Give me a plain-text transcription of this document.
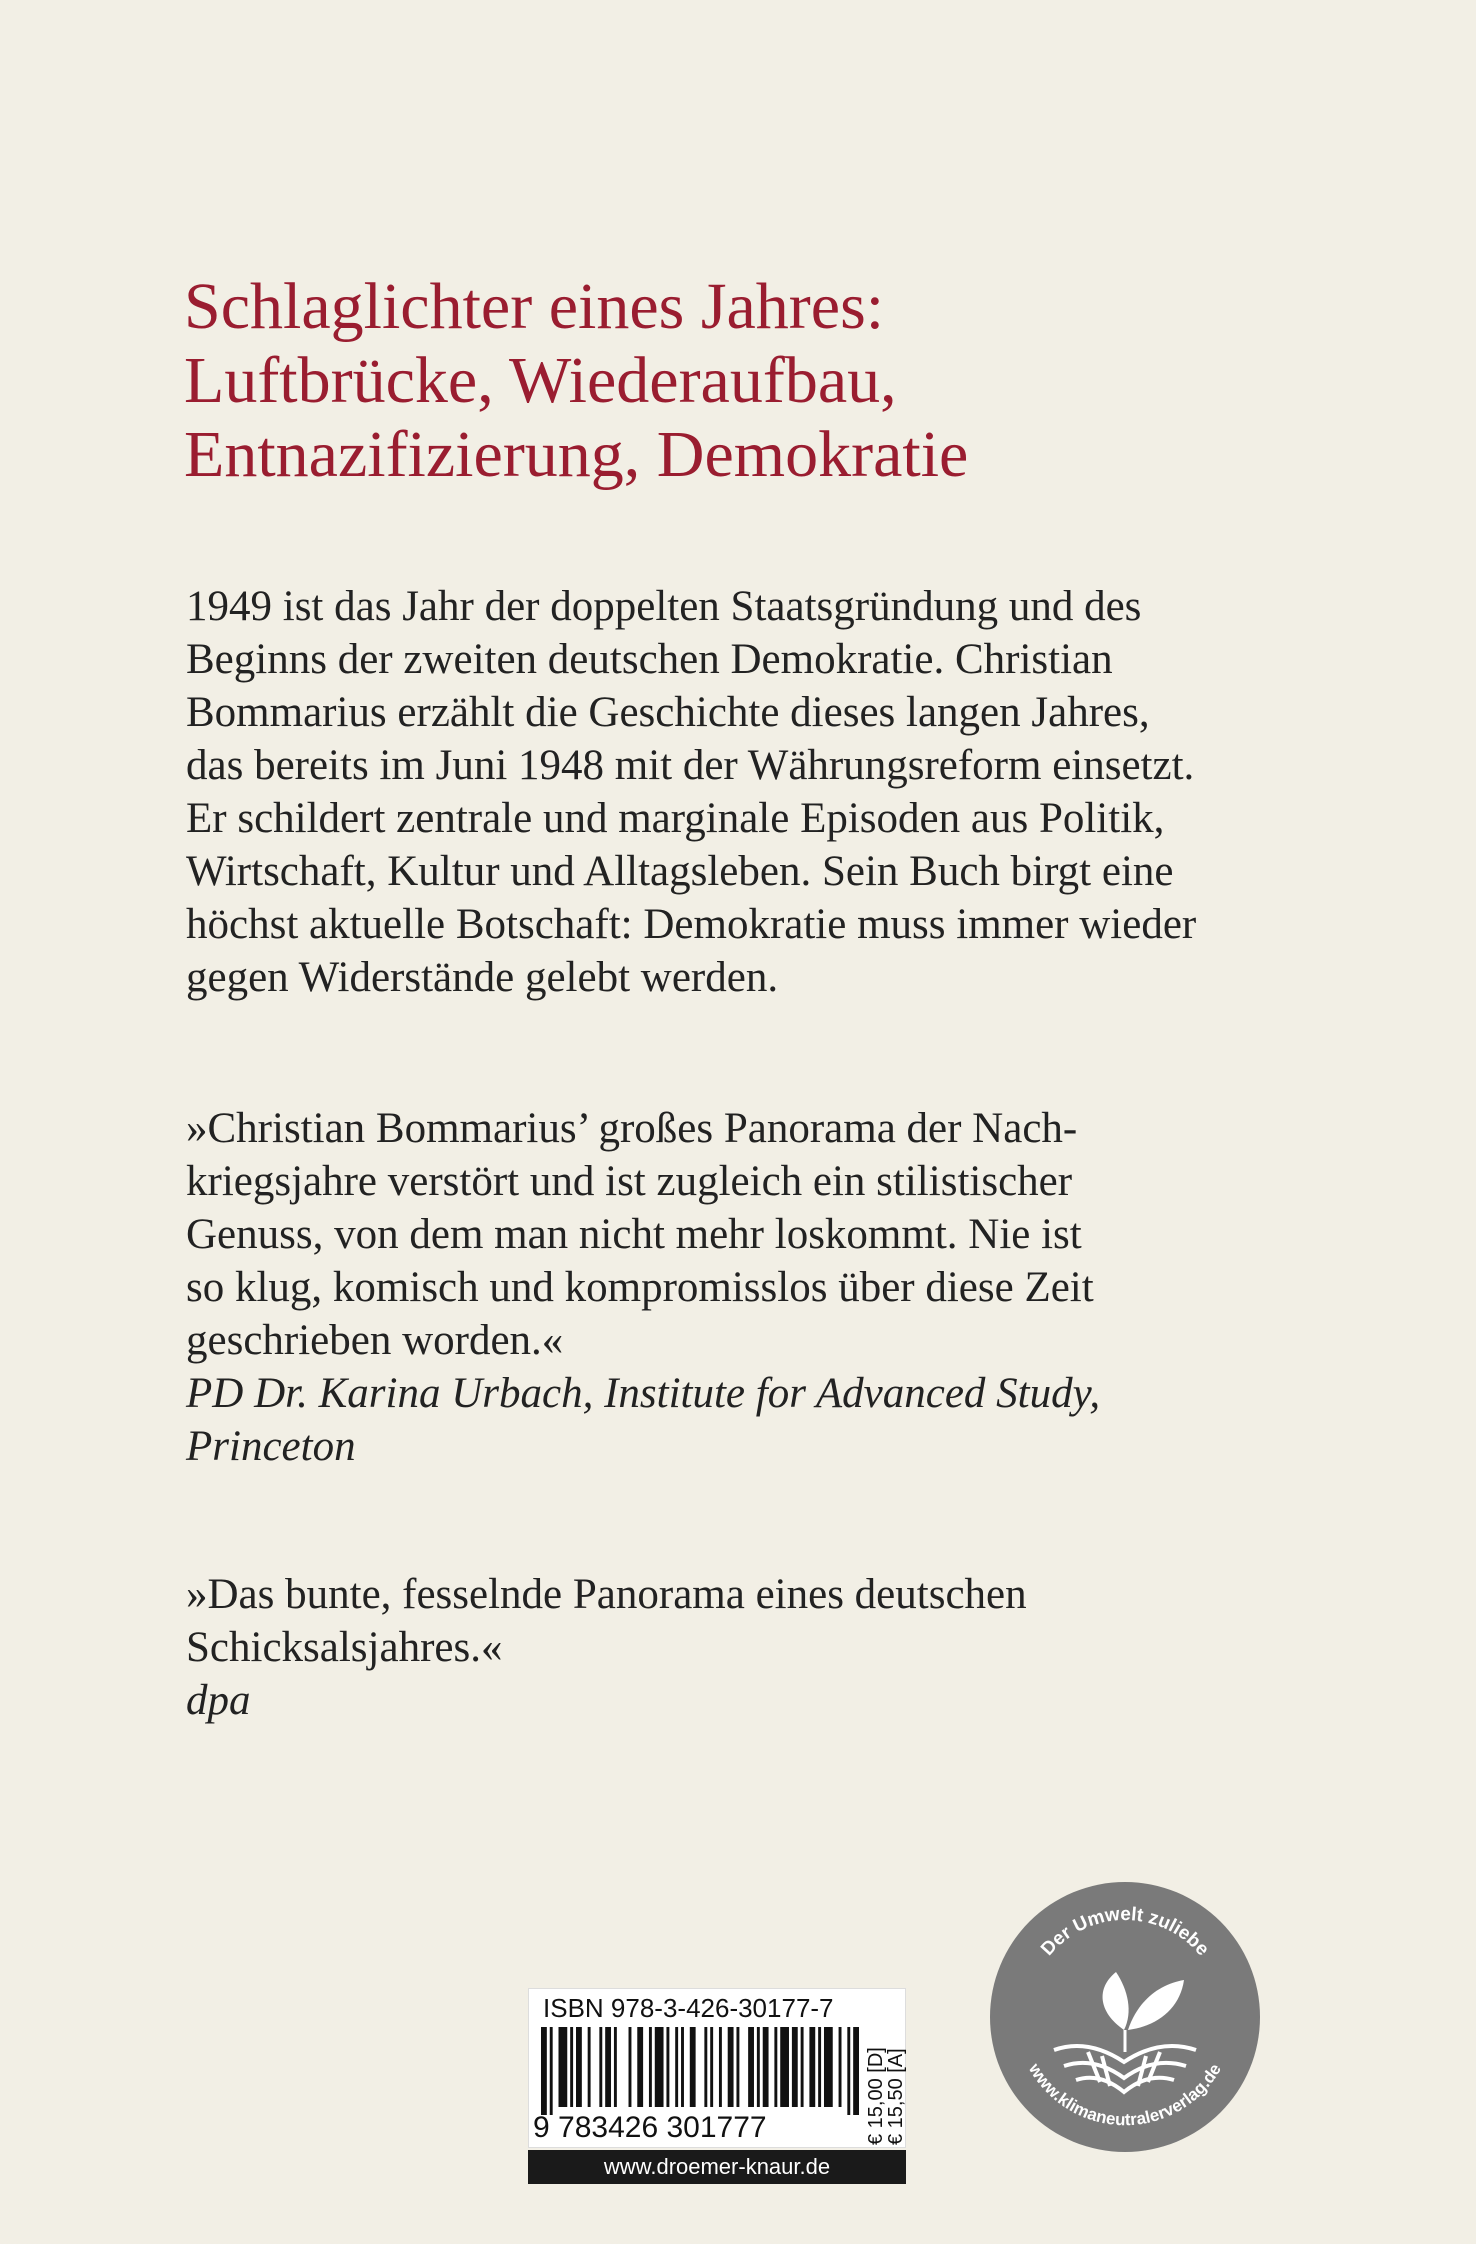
Schlaglichter eines Jahres:
Luftbrücke, Wiederaufbau,
Entnazifizierung, Demokratie
1949 ist das Jahr der doppelten Staatsgründung und des
Beginns der zweiten deutschen Demokratie. Christian
Bommarius erzählt die Geschichte dieses langen Jahres,
das bereits im Juni 1948 mit der Währungsreform einsetzt.
Er schildert zentrale und marginale Episoden aus Politik,
Wirtschaft, Kultur und Alltagsleben. Sein Buch birgt eine
höchst aktuelle Botschaft: Demokratie muss immer wieder
gegen Widerstände gelebt werden.
»Christian Bommarius’ großes Panorama der Nach-
kriegsjahre verstört und ist zugleich ein stilistischer
Genuss, von dem man nicht mehr loskommt. Nie ist
so klug, komisch und kompromisslos über diese Zeit
geschrieben worden.«
PD Dr. Karina Urbach, Institute for Advanced Study,
Princeton
»Das bunte, fesselnde Panorama eines deutschen
Schicksalsjahres.«
dpa
ISBN 978-3-426-30177-7
9 783426 301777	€ 15,00 [D]
€ 15,50 [A]
www.droemer-knaur.de
Der Umwelt zuliebe
www.klimaneutralerverlag.de
